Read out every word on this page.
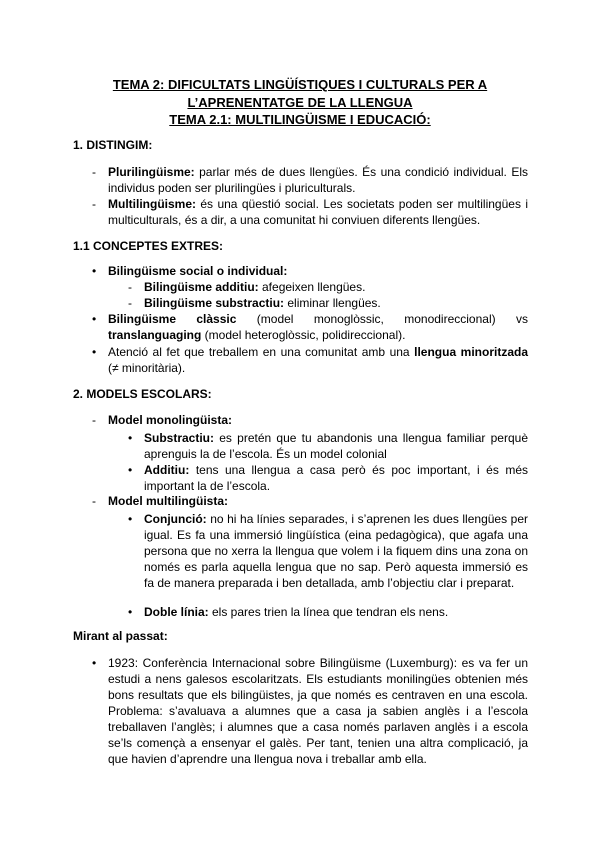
TEMA 2: DIFICULTATS LINGÜÍSTIQUES I CULTURALS PER A
L’APRENENTATGE DE LA LLENGUA
TEMA 2.1: MULTILINGÜISME I EDUCACIÓ:
1. DISTINGIM:
- Plurilingüisme: parlar més de dues llengües. És una condició individual. Els individus poden ser plurilingües i pluriculturals.
- Multilingüisme: és una qüestió social. Les societats poden ser multilingües i multiculturals, és a dir, a una comunitat hi conviuen diferents llengües.
1.1 CONCEPTES EXTRES:
• Bilingüisme social o individual:
- Bilingüisme additiu: afegeixen llengües.
- Bilingüisme substractiu: eliminar llengües.
• Bilingüisme clàssic (model monoglòssic, monodireccional) vs translanguaging (model heteroglòssic, polidireccional).
• Atenció al fet que treballem en una comunitat amb una llengua minoritzada (≠ minoritària).
2. MODELS ESCOLARS:
- Model monolingüista:
• Substractiu: es pretén que tu abandonis una llengua familiar perquè aprenguis la de l’escola. És un model colonial
• Additiu: tens una llengua a casa però és poc important, i és més important la de l’escola.
- Model multilingüista:
• Conjunció: no hi ha línies separades, i s’aprenen les dues llengües per igual. Es fa una immersió lingüística (eina pedagògica), que agafa una persona que no xerra la llengua que volem i la fiquem dins una zona on només es parla aquella lengua que no sap. Però aquesta immersió es fa de manera preparada i ben detallada, amb l’objectiu clar i preparat.
• Doble línia: els pares trien la línea que tendran els nens.
Mirant al passat:
• 1923: Conferència Internacional sobre Bilingüisme (Luxemburg): es va fer un estudi a nens galesos escolaritzats. Els estudiants monilingües obtenien més bons resultats que els bilingüistes, ja que només es centraven en una escola. Problema: s’avaluava a alumnes que a casa ja sabien anglès i a l’escola treballaven l’anglès; i alumnes que a casa només parlaven anglès i a escola se’ls començà a ensenyar el galès. Per tant, tenien una altra complicació, ja que havien d’aprendre una llengua nova i treballar amb ella.
